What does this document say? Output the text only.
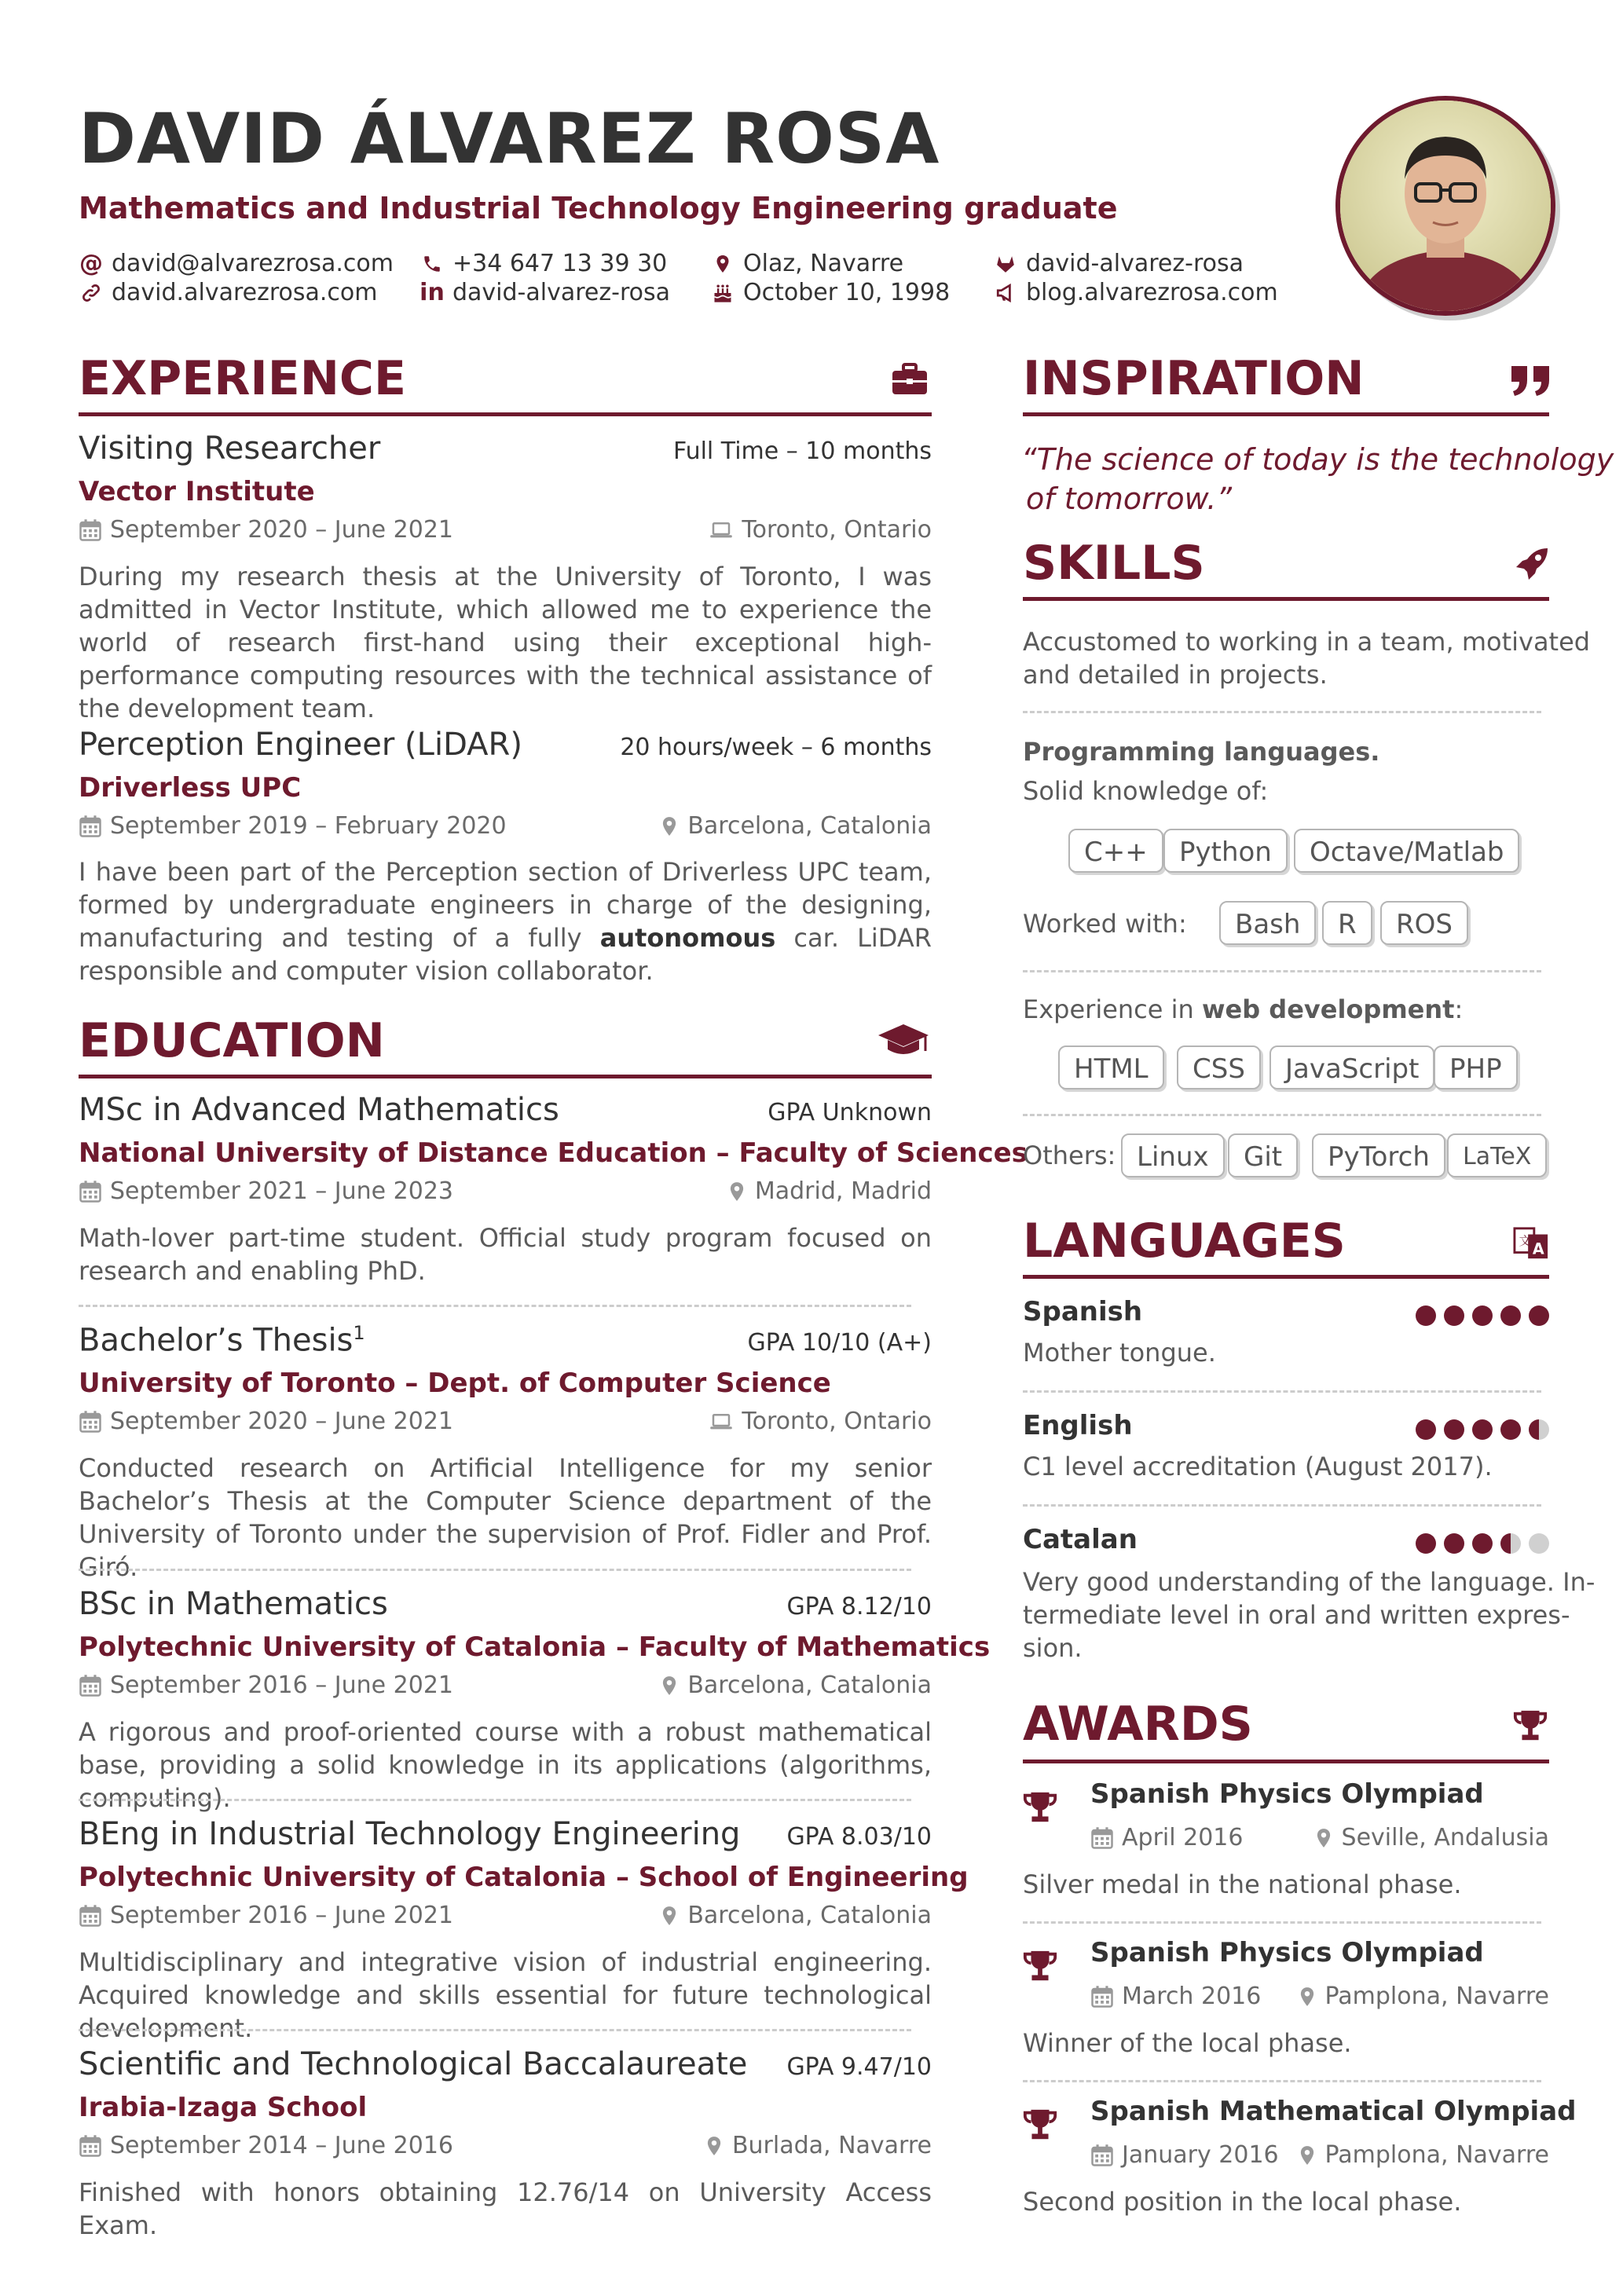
DAVID ÁLVAREZ ROSA
Mathematics and Industrial Technology Engineering graduate
@ david@alvarezrosa.com
david.alvarezrosa.com
+34 647 13 39 30
in david-alvarez-rosa
Olaz, Navarre
October 10, 1998
david-alvarez-rosa
blog.alvarezrosa.com
EXPERIENCE
Visiting Researcher	Full Time – 10 months
Vector Institute
September 2020 – June 2021	Toronto, Ontario
During my research thesis at the University of Toronto, I was admitted in Vector Institute, which allowed me to experience the world of research first-hand using their exceptional high-performance computing resources with the technical assistance of the development team.
Perception Engineer (LiDAR)	20 hours/week – 6 months
Driverless UPC
September 2019 – February 2020	Barcelona, Catalonia
I have been part of the Perception section of Driverless UPC team, formed by undergraduate engineers in charge of the designing, manufacturing and testing of a fully autonomous car. LiDAR responsible and computer vision collaborator.
EDUCATION
MSc in Advanced Mathematics	GPA Unknown
National University of Distance Education – Faculty of Sciences
September 2021 – June 2023	Madrid, Madrid
Math-lover part-time student. Official study program focused on research and enabling PhD.
Bachelor’s Thesis$^1$	GPA 10/10 (A+)
University of Toronto – Dept. of Computer Science
September 2020 – June 2021	Toronto, Ontario
Conducted research on Artificial Intelligence for my senior Bachelor’s Thesis at the Computer Science department of the University of Toronto under the supervision of Prof. Fidler and Prof. Giró.
BSc in Mathematics	GPA 8.12/10
Polytechnic University of Catalonia – Faculty of Mathematics
September 2016 – June 2021	Barcelona, Catalonia
A rigorous and proof-oriented course with a robust mathematical base, providing a solid knowledge in its applications (algorithms, computing).
BEng in Industrial Technology Engineering GPA 8.03/10
Polytechnic University of Catalonia – School of Engineering
September 2016 – June 2021	Barcelona, Catalonia
Multidisciplinary and integrative vision of industrial engineering. Acquired knowledge and skills essential for future technological development.
Scientific and Technological Baccalaureate GPA 9.47/10
Irabia-Izaga School
September 2014 – June 2016	Burlada, Navarre
Finished with honors obtaining 12.76/14 on University Access Exam.
INSPIRATION
“The science of today is the technology
of tomorrow.”
SKILLS
Accustomed to working in a team, motivated
and detailed in projects.
Programming languages.
Solid knowledge of:
C++	Python	Octave/Matlab
Worked with:	Bash	R	ROS
Experience in web development:
HTML	CSS	JavaScript	PHP
Others: Linux	Git	PyTorch	LaTeX
LANGUAGES	文 A
Spanish
Mother tongue.
English
C1 level accreditation (August 2017).
Catalan
Very good understanding of the language. In-
termediate level in oral and written expres-
sion.
AWARDS
Spanish Physics Olympiad
April 2016	Seville, Andalusia
Silver medal in the national phase.
Spanish Physics Olympiad
March 2016	Pamplona, Navarre
Winner of the local phase.
Spanish Mathematical Olympiad
January 2016 Pamplona, Navarre
Second position in the local phase.
